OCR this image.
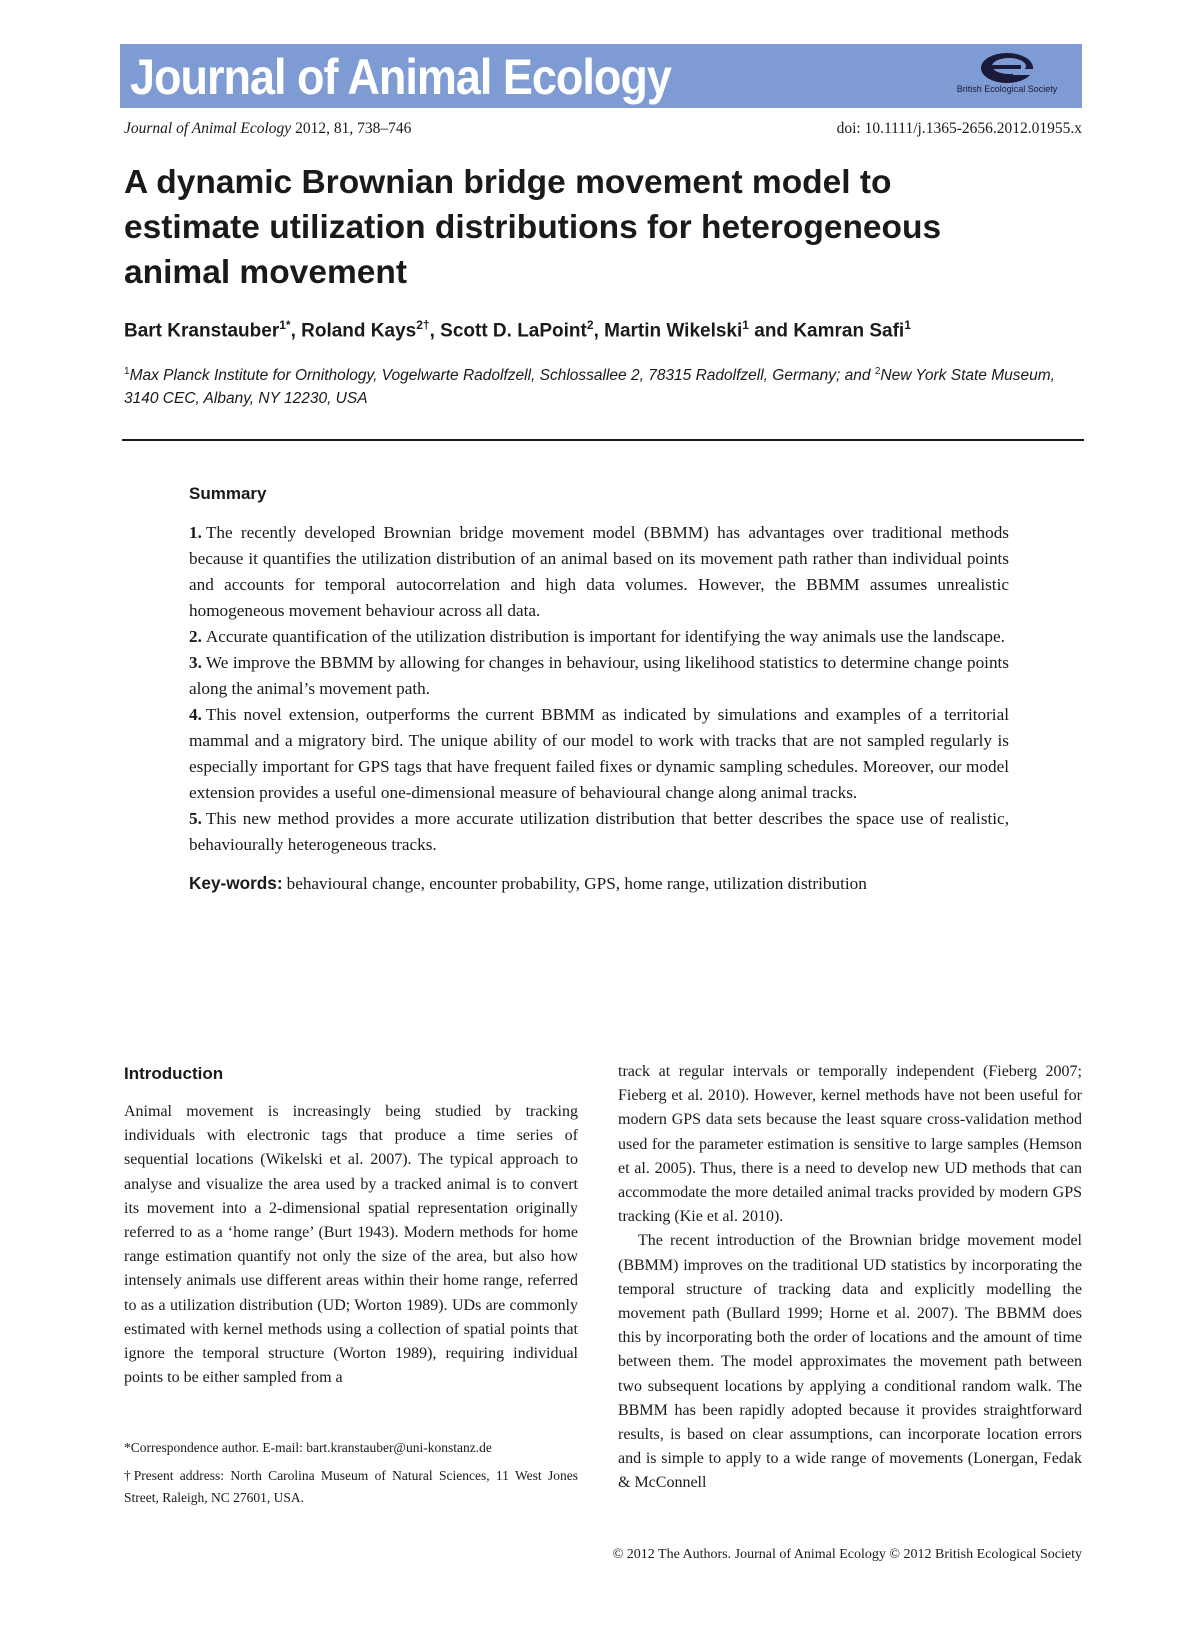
Journal of Animal Ecology	British Ecological Society
Journal of Animal Ecology 2012, 81, 738–746	doi: 10.1111/j.1365-2656.2012.01955.x
A dynamic Brownian bridge movement model to estimate utilization distributions for heterogeneous animal movement
Bart Kranstauber$^{1*}$, Roland Kays$^{2\dagger}$, Scott D. LaPoint$^2$, Martin Wikelski$^1$ and Kamran Safi$^1$
$^1$Max Planck Institute for Ornithology, Vogelwarte Radolfzell, Schlossallee 2, 78315 Radolfzell, Germany; and $^2$New York State Museum, 3140 CEC, Albany, NY 12230, USA
Summary

1. The recently developed Brownian bridge movement model (BBMM) has advantages over traditional methods because it quantifies the utilization distribution of an animal based on its movement path rather than individual points and accounts for temporal autocorrelation and high data volumes. However, the BBMM assumes unrealistic homogeneous movement behaviour across all data.

2. Accurate quantification of the utilization distribution is important for identifying the way animals use the landscape.

3. We improve the BBMM by allowing for changes in behaviour, using likelihood statistics to determine change points along the animal’s movement path.

4. This novel extension, outperforms the current BBMM as indicated by simulations and examples of a territorial mammal and a migratory bird. The unique ability of our model to work with tracks that are not sampled regularly is especially important for GPS tags that have frequent failed fixes or dynamic sampling schedules. Moreover, our model extension provides a useful one-dimensional measure of behavioural change along animal tracks.

5. This new method provides a more accurate utilization distribution that better describes the space use of realistic, behaviourally heterogeneous tracks.

Key-words: behavioural change, encounter probability, GPS, home range, utilization distribution
Introduction

Animal movement is increasingly being studied by tracking individuals with electronic tags that produce a time series of sequential locations (Wikelski et al. 2007). The typical approach to analyse and visualize the area used by a tracked animal is to convert its movement into a 2-dimensional spatial representation originally referred to as a ‘home range’ (Burt 1943). Modern methods for home range estimation quantify not only the size of the area, but also how intensely animals use different areas within their home range, referred to as a utilization distribution (UD; Worton 1989). UDs are commonly estimated with kernel methods using a collection of spatial points that ignore the temporal structure (Worton 1989), requiring individual points to be either sampled from a

*Correspondence author. E-mail: bart.kranstauber@uni-konstanz.de

†Present address: North Carolina Museum of Natural Sciences, 11 West Jones Street, Raleigh, NC 27601, USA.

track at regular intervals or temporally independent (Fieberg 2007; Fieberg et al. 2010). However, kernel methods have not been useful for modern GPS data sets because the least square cross-validation method used for the parameter estimation is sensitive to large samples (Hemson et al. 2005). Thus, there is a need to develop new UD methods that can accommodate the more detailed animal tracks provided by modern GPS tracking (Kie et al. 2010).

The recent introduction of the Brownian bridge movement model (BBMM) improves on the traditional UD statistics by incorporating the temporal structure of tracking data and explicitly modelling the movement path (Bullard 1999; Horne et al. 2007). The BBMM does this by incorporating both the order of locations and the amount of time between them. The model approximates the movement path between two subsequent locations by applying a conditional random walk. The BBMM has been rapidly adopted because it provides straightforward results, is based on clear assumptions, can incorporate location errors and is simple to apply to a wide range of movements (Lonergan, Fedak & McConnell

© 2012 The Authors. Journal of Animal Ecology © 2012 British Ecological Society
